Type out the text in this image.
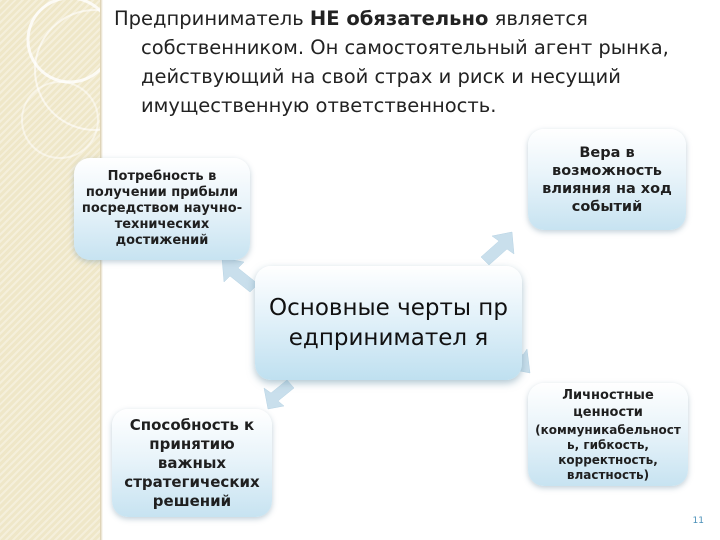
Предприниматель НЕ обязательно является собственником. Он самостоятельный агент рынка, действующий на свой страх и риск и несущий имущественную ответственность.

Потребность в получении прибыли посредством научно-технических достижений
Вера в возможность влияния на ход событий
Основные черты предпринимател я
Способность к принятию важных стратегических решений
Личностные ценности
(коммуникабельност ь, гибкость, корректность, властность)
11
